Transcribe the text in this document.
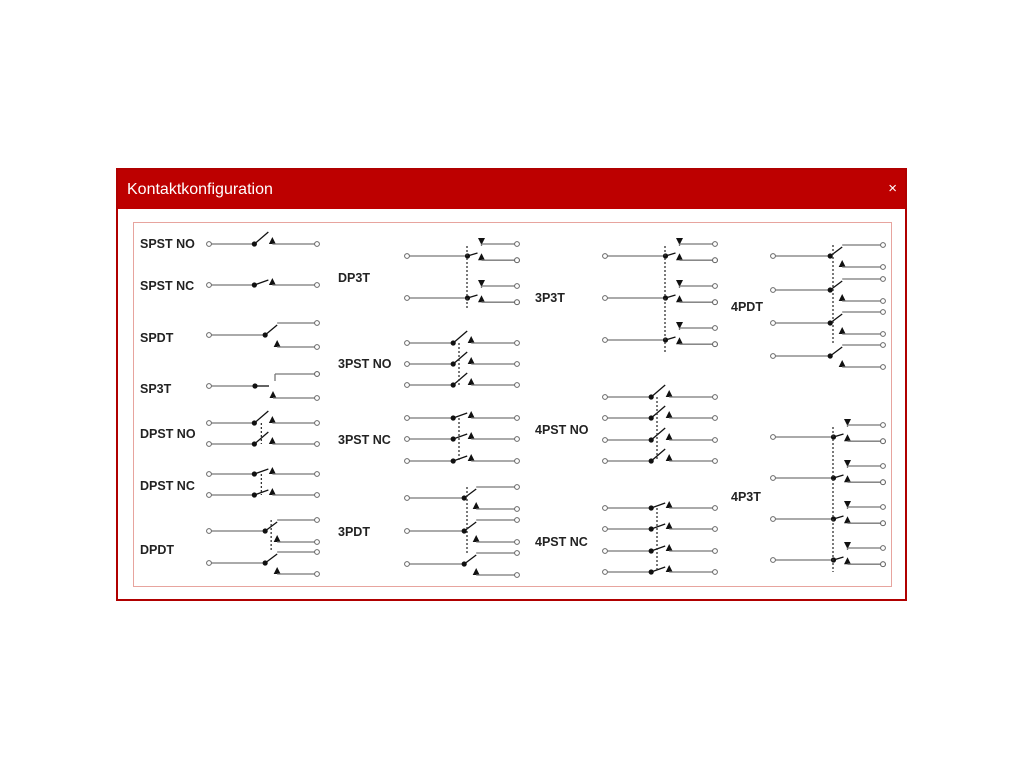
Kontaktkonfiguration	×
SPST NO
SPST NC
SPDT
SP3T
DPST NO
DPST NC
DPDT
DP3T
3PST NO
3PST NC
3PDT
3P3T
4PST NO
4PST NC
4PDT
4P3T
